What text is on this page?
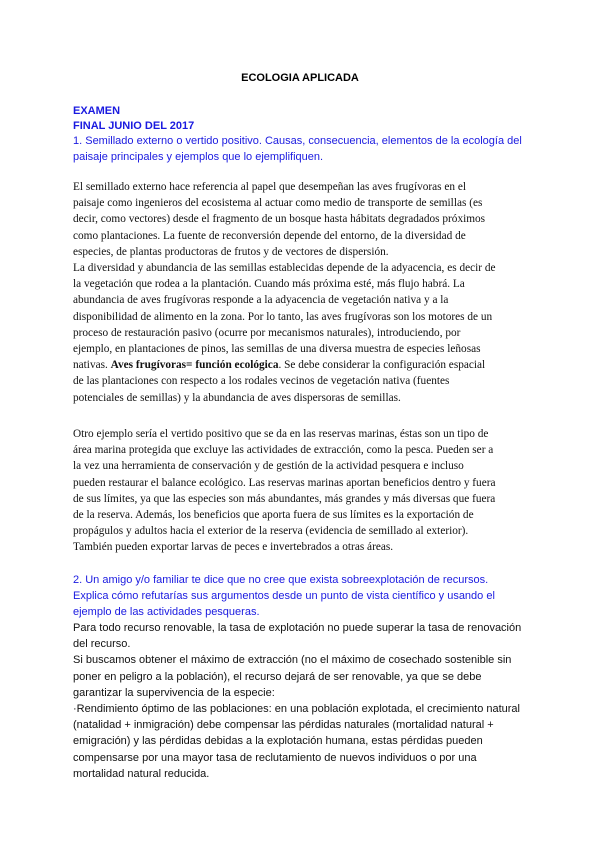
ECOLOGIA APLICADA
EXAMEN
FINAL JUNIO DEL 2017
1. Semillado externo o vertido positivo. Causas, consecuencia, elementos de la ecología del
paisaje principales y ejemplos que lo ejemplifiquen.
El semillado externo hace referencia al papel que desempeñan las aves frugívoras en el
paisaje como ingenieros del ecosistema al actuar como medio de transporte de semillas (es
decir, como vectores) desde el fragmento de un bosque hasta hábitats degradados próximos
como plantaciones. La fuente de reconversión depende del entorno, de la diversidad de
especies, de plantas productoras de frutos y de vectores de dispersión.
La diversidad y abundancia de las semillas establecidas depende de la adyacencia, es decir de
la vegetación que rodea a la plantación. Cuando más próxima esté, más flujo habrá. La
abundancia de aves frugívoras responde a la adyacencia de vegetación nativa y a la
disponibilidad de alimento en la zona. Por lo tanto, las aves frugívoras son los motores de un
proceso de restauración pasivo (ocurre por mecanismos naturales), introduciendo, por
ejemplo, en plantaciones de pinos, las semillas de una diversa muestra de especies leñosas
nativas. Aves frugívoras= función ecológica. Se debe considerar la configuración espacial
de las plantaciones con respecto a los rodales vecinos de vegetación nativa (fuentes
potenciales de semillas) y la abundancia de aves dispersoras de semillas.
Otro ejemplo sería el vertido positivo que se da en las reservas marinas, éstas son un tipo de
área marina protegida que excluye las actividades de extracción, como la pesca. Pueden ser a
la vez una herramienta de conservación y de gestión de la actividad pesquera e incluso
pueden restaurar el balance ecológico. Las reservas marinas aportan beneficios dentro y fuera
de sus límites, ya que las especies son más abundantes, más grandes y más diversas que fuera
de la reserva. Además, los beneficios que aporta fuera de sus límites es la exportación de
propágulos y adultos hacia el exterior de la reserva (evidencia de semillado al exterior).
También pueden exportar larvas de peces e invertebrados a otras áreas.
2. Un amigo y/o familiar te dice que no cree que exista sobreexplotación de recursos.
Explica cómo refutarías sus argumentos desde un punto de vista científico y usando el
ejemplo de las actividades pesqueras.
Para todo recurso renovable, la tasa de explotación no puede superar la tasa de renovación
del recurso.
Si buscamos obtener el máximo de extracción (no el máximo de cosechado sostenible sin
poner en peligro a la población), el recurso dejará de ser renovable, ya que se debe
garantizar la supervivencia de la especie:
·Rendimiento óptimo de las poblaciones: en una población explotada, el crecimiento natural
(natalidad + inmigración) debe compensar las pérdidas naturales (mortalidad natural +
emigración) y las pérdidas debidas a la explotación humana, estas pérdidas pueden
compensarse por una mayor tasa de reclutamiento de nuevos individuos o por una
mortalidad natural reducida.
